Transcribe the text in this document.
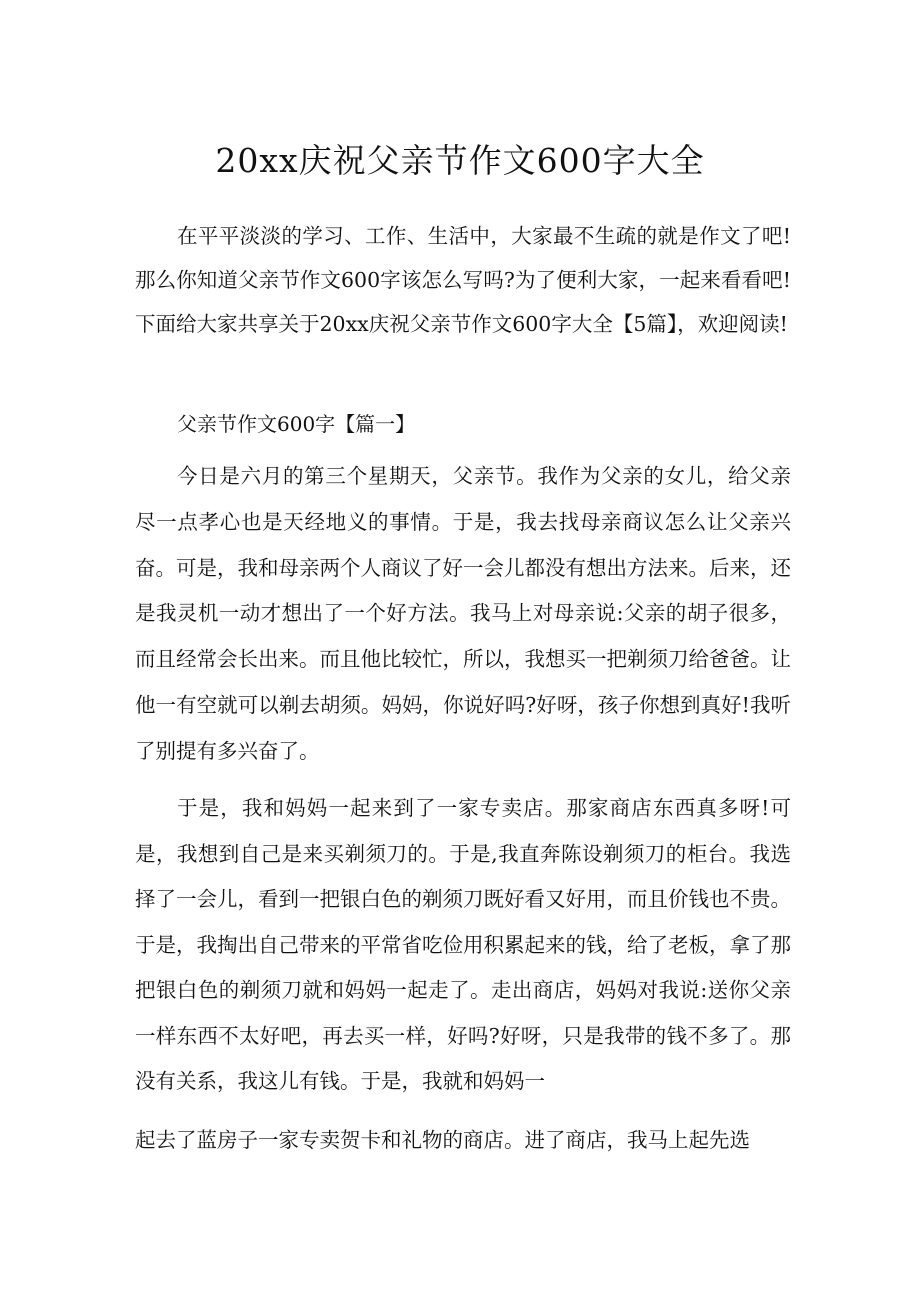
20xx庆祝父亲节作文600字大全

在平平淡淡的学习、工作、生活中，大家最不生疏的就是作文了吧!那么你知道父亲节作文600字该怎么写吗?为了便利大家，一起来看看吧!下面给大家共享关于20xx庆祝父亲节作文600字大全【5篇】，欢迎阅读!

父亲节作文600字【篇一】

今日是六月的第三个星期天，父亲节。我作为父亲的女儿，给父亲尽一点孝心也是天经地义的事情。于是，我去找母亲商议怎么让父亲兴奋。可是，我和母亲两个人商议了好一会儿都没有想出方法来。后来，还是我灵机一动才想出了一个好方法。我马上对母亲说:父亲的胡子很多，而且经常会长出来。而且他比较忙，所以，我想买一把剃须刀给爸爸。让他一有空就可以剃去胡须。妈妈，你说好吗?好呀，孩子你想到真好!我听了别提有多兴奋了。

于是，我和妈妈一起来到了一家专卖店。那家商店东西真多呀!可是，我想到自己是来买剃须刀的。于是,我直奔陈设剃须刀的柜台。我选择了一会儿，看到一把银白色的剃须刀既好看又好用，而且价钱也不贵。于是，我掏出自己带来的平常省吃俭用积累起来的钱，给了老板，拿了那把银白色的剃须刀就和妈妈一起走了。走出商店，妈妈对我说:送你父亲一样东西不太好吧，再去买一样，好吗?好呀，只是我带的钱不多了。那没有关系，我这儿有钱。于是，我就和妈妈一

起去了蓝房子一家专卖贺卡和礼物的商店。进了商店，我马上起先选
